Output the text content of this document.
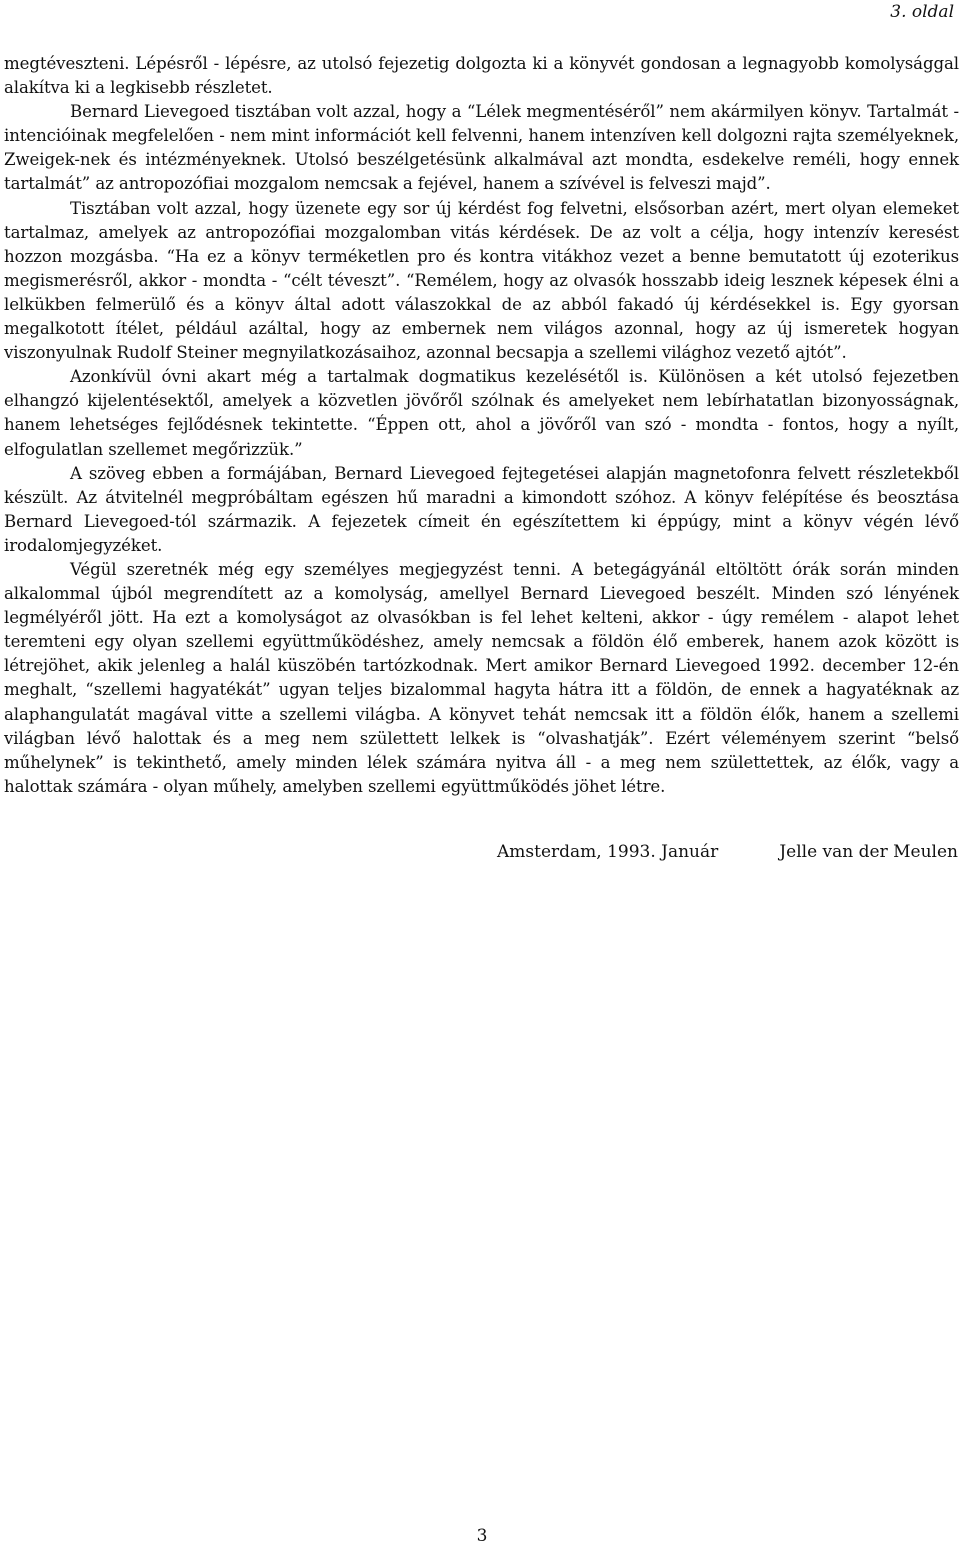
3. oldal

megtéveszteni. Lépésről - lépésre, az utolsó fejezetig dolgozta ki a könyvét gondosan a legnagyobb komolysággal alakítva ki a legkisebb részletet.

Bernard Lievegoed tisztában volt azzal, hogy a “Lélek megmentéséről” nem akármilyen könyv. Tartalmát - intencióinak megfelelően - nem mint információt kell felvenni, hanem intenzíven kell dolgozni rajta személyeknek, Zweigek-nek és intézményeknek. Utolsó beszélgetésünk alkalmával azt mondta, esdekelve reméli, hogy ennek tartalmát” az antropozófiai mozgalom nemcsak a fejével, hanem a szívével is felveszi majd”.

Tisztában volt azzal, hogy üzenete egy sor új kérdést fog felvetni, elsősorban azért, mert olyan elemeket tartalmaz, amelyek az antropozófiai mozgalomban vitás kérdések. De az volt a célja, hogy intenzív keresést hozzon mozgásba. “Ha ez a könyv terméketlen pro és kontra vitákhoz vezet a benne bemutatott új ezoterikus megismerésről, akkor - mondta - “célt téveszt”. “Remélem, hogy az olvasók hosszabb ideig lesznek képesek élni a lelkükben felmerülő és a könyv által adott válaszokkal de az abból fakadó új kérdésekkel is. Egy gyorsan megalkotott ítélet, például azáltal, hogy az embernek nem világos azonnal, hogy az új ismeretek hogyan viszonyulnak Rudolf Steiner megnyilatkozásaihoz, azonnal becsapja a szellemi világhoz vezető ajtót”.

Azonkívül óvni akart még a tartalmak dogmatikus kezelésétől is. Különösen a két utolsó fejezetben elhangzó kijelentésektől, amelyek a közvetlen jövőről szólnak és amelyeket nem lebírhatatlan bizonyosságnak, hanem lehetséges fejlődésnek tekintette. “Éppen ott, ahol a jövőről van szó - mondta - fontos, hogy a nyílt, elfogulatlan szellemet megőrizzük.”

A szöveg ebben a formájában, Bernard Lievegoed fejtegetései alapján magnetofonra felvett részletekből készült. Az átvitelnél megpróbáltam egészen hű maradni a kimondott szóhoz. A könyv felépítése és beosztása Bernard Lievegoed-tól származik. A fejezetek címeit én egészítettem ki éppúgy, mint a könyv végén lévő irodalomjegyzéket.

Végül szeretnék még egy személyes megjegyzést tenni. A betegágyánál eltöltött órák során minden alkalommal újból megrendített az a komolyság, amellyel Bernard Lievegoed beszélt. Minden szó lényének legmélyéről jött. Ha ezt a komolyságot az olvasókban is fel lehet kelteni, akkor - úgy remélem - alapot lehet teremteni egy olyan szellemi együttműködéshez, amely nemcsak a földön élő emberek, hanem azok között is létrejöhet, akik jelenleg a halál küszöbén tartózkodnak. Mert amikor Bernard Lievegoed 1992. december 12-én meghalt, “szellemi hagyatékát” ugyan teljes bizalommal hagyta hátra itt a földön, de ennek a hagyatéknak az alaphangulatát magával vitte a szellemi világba. A könyvet tehát nemcsak itt a földön élők, hanem a szellemi világban lévő halottak és a meg nem születtett lelkek is “olvashatják”. Ezért véleményem szerint “belső műhelynek” is tekinthető, amely minden lélek számára nyitva áll - a meg nem születtettek, az élők, vagy a halottak számára - olyan műhely, amelyben szellemi együttműködés jöhet létre.

Amsterdam, 1993. Január	Jelle van der Meulen
3
